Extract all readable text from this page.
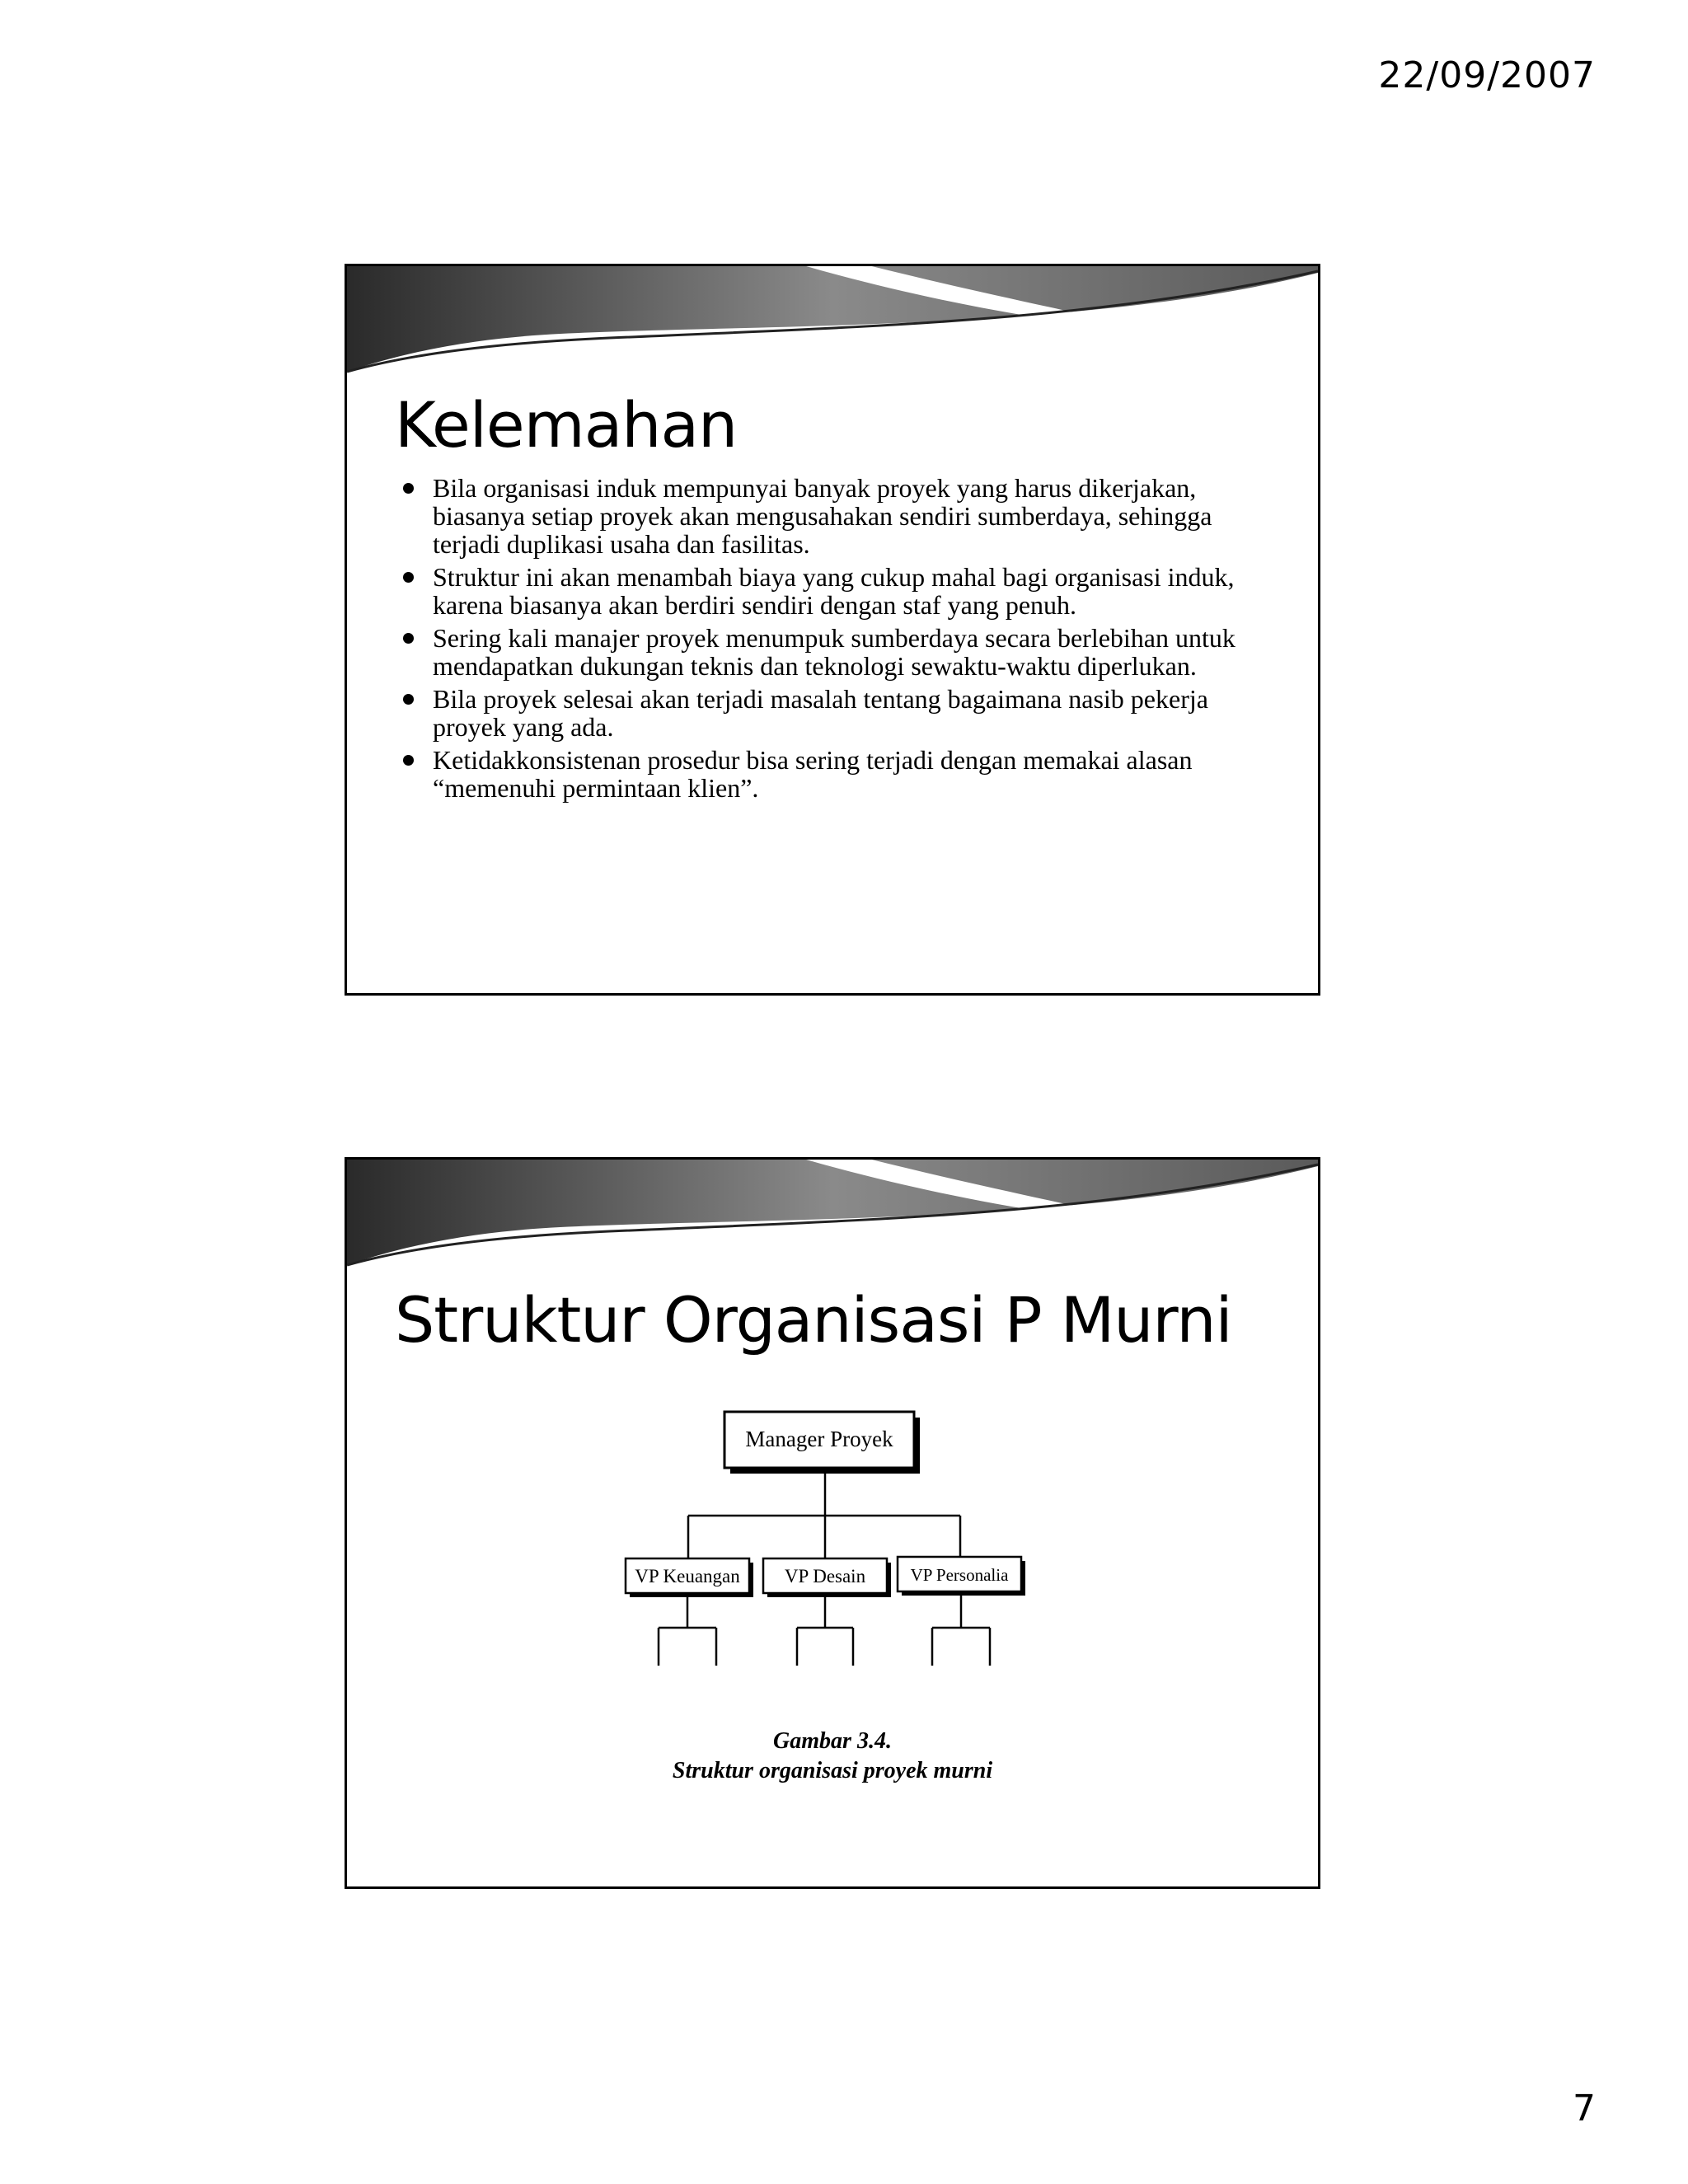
22/09/2007
Kelemahan
Bila organisasi induk mempunyai banyak proyek yang harus dikerjakan, biasanya setiap proyek akan mengusahakan sendiri sumberdaya, sehingga terjadi duplikasi usaha dan fasilitas.
Struktur ini akan menambah biaya yang cukup mahal bagi organisasi induk, karena biasanya akan berdiri sendiri dengan staf yang penuh.
Sering kali manajer proyek menumpuk sumberdaya secara berlebihan untuk mendapatkan dukungan teknis dan teknologi sewaktu-waktu diperlukan.
Bila proyek selesai akan terjadi masalah tentang bagaimana nasib pekerja proyek yang ada.
Ketidakkonsistenan prosedur bisa sering terjadi dengan memakai alasan “memenuhi permintaan klien”.
Struktur Organisasi P Murni
Manager Proyek
VP Keuangan VP Desain	VP Personalia

Gambar 3.4.

Struktur organisasi proyek murni

7
